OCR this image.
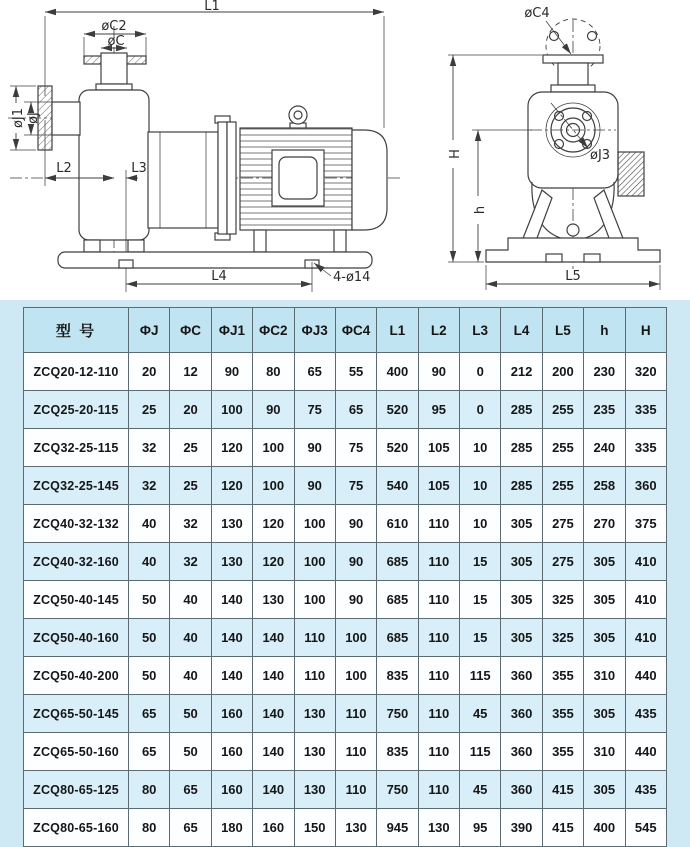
L1
øC2
øC
øJ1 øJ
L2	L3
L4	4-ø14
øC4
øJ3
H
h
L5
型 号	ΦJ	ΦC	ΦJ1	ΦC2	ΦJ3	ΦC4	L1	L2	L3	L4	L5	h	H
ZCQ20-12-110	20	12	90	80	65	55	400	90	0	212	200	230	320
ZCQ25-20-115	25	20	100	90	75	65	520	95	0	285	255	235	335
ZCQ32-25-115	32	25	120	100	90	75	520	105	10	285	255	240	335
ZCQ32-25-145	32	25	120	100	90	75	540	105	10	285	255	258	360
ZCQ40-32-132	40	32	130	120	100	90	610	110	10	305	275	270	375
ZCQ40-32-160	40	32	130	120	100	90	685	110	15	305	275	305	410
ZCQ50-40-145	50	40	140	130	100	90	685	110	15	305	325	305	410
ZCQ50-40-160	50	40	140	140	110	100	685	110	15	305	325	305	410
ZCQ50-40-200	50	40	140	140	110	100	835	110	115	360	355	310	440
ZCQ65-50-145	65	50	160	140	130	110	750	110	45	360	355	305	435
ZCQ65-50-160	65	50	160	140	130	110	835	110	115	360	355	310	440
ZCQ80-65-125	80	65	160	140	130	110	750	110	45	360	415	305	435
ZCQ80-65-160	80	65	180	160	150	130	945	130	95	390	415	400	545
